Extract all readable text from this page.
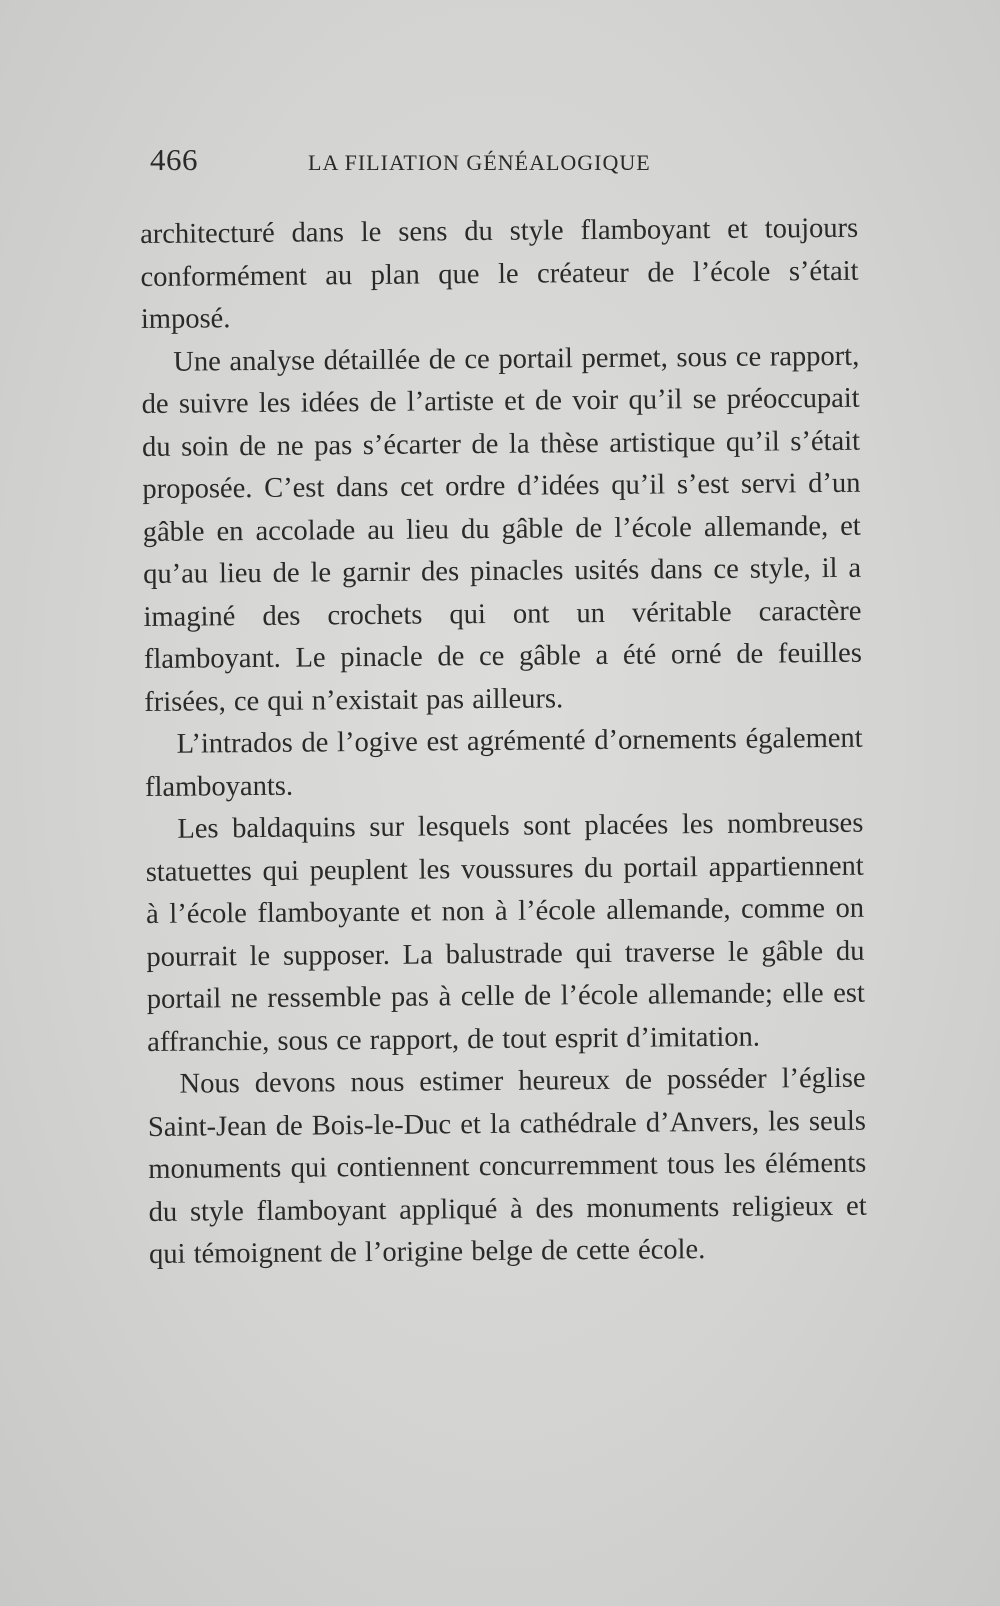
466	LA FILIATION GÉNÉALOGIQUE

architecturé dans le sens du style flamboyant et toujours conformément au plan que le créateur de l’école s’était imposé.

Une analyse détaillée de ce portail permet, sous ce rapport, de suivre les idées de l’artiste et de voir qu’il se préoccupait du soin de ne pas s’écarter de la thèse artistique qu’il s’était proposée. C’est dans cet ordre d’idées qu’il s’est servi d’un gâble en accolade au lieu du gâble de l’école allemande, et qu’au lieu de le garnir des pinacles usités dans ce style, il a imaginé des crochets qui ont un véritable caractère flamboyant. Le pinacle de ce gâble a été orné de feuilles frisées, ce qui n’existait pas ailleurs.

L’intrados de l’ogive est agrémenté d’ornements également flamboyants.

Les baldaquins sur lesquels sont placées les nombreuses statuettes qui peuplent les voussures du portail appartiennent à l’école flamboyante et non à l’école allemande, comme on pourrait le supposer. La balustrade qui traverse le gâble du portail ne ressemble pas à celle de l’école allemande; elle est affranchie, sous ce rapport, de tout esprit d’imitation.

Nous devons nous estimer heureux de posséder l’église Saint-Jean de Bois-le-Duc et la cathédrale d’Anvers, les seuls monuments qui contiennent concurremment tous les éléments du style flamboyant appliqué à des monuments religieux et qui témoignent de l’origine belge de cette école.
